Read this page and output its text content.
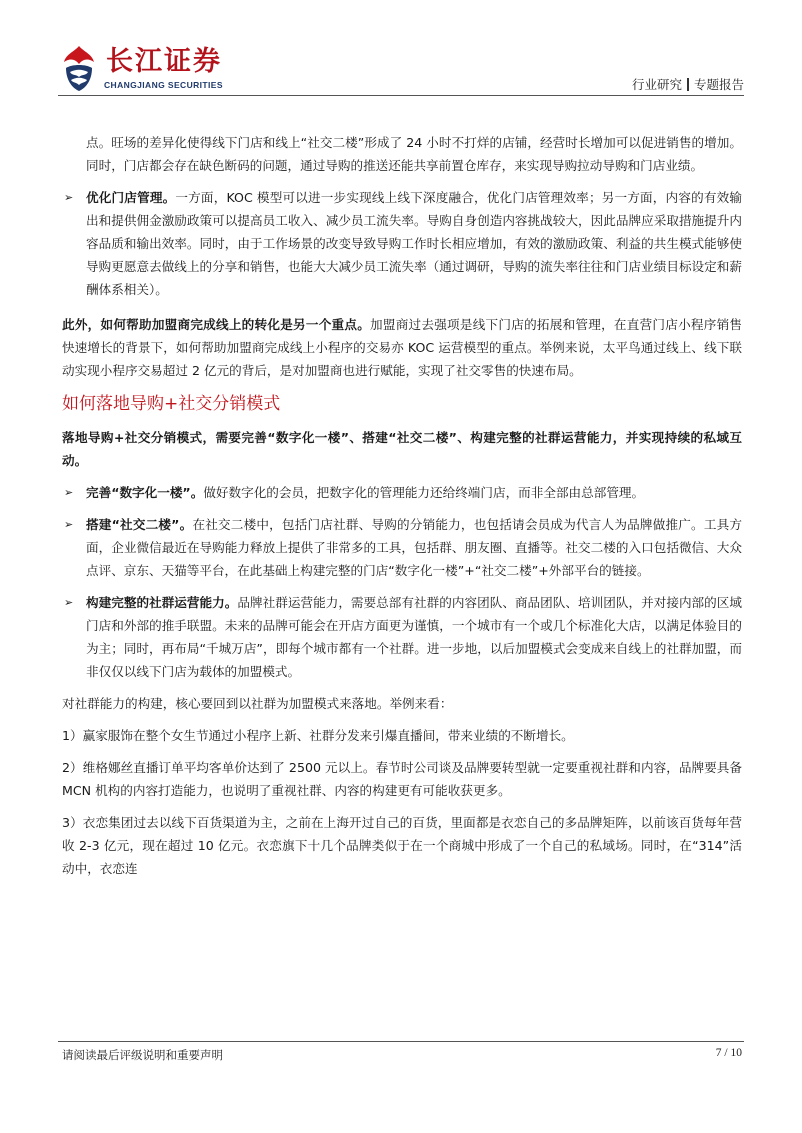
长江证券
CHANGJIANG SECURITIES	行业研究 专题报告

点。旺场的差异化使得线下门店和线上“社交二楼”形成了 24 小时不打烊的店铺，经营时长增加可以促进销售的增加。同时，门店都会存在缺色断码的问题，通过导购的推送还能共享前置仓库存，来实现导购拉动导购和门店业绩。

➢ 优化门店管理。一方面，KOC 模型可以进一步实现线上线下深度融合，优化门店管理效率；另一方面，内容的有效输出和提供佣金激励政策可以提高员工收入、减少员工流失率。导购自身创造内容挑战较大，因此品牌应采取措施提升内容品质和输出效率。同时，由于工作场景的改变导致导购工作时长相应增加，有效的激励政策、利益的共生模式能够使导购更愿意去做线上的分享和销售，也能大大减少员工流失率（通过调研，导购的流失率往往和门店业绩目标设定和薪酬体系相关）。

此外，如何帮助加盟商完成线上的转化是另一个重点。加盟商过去强项是线下门店的拓展和管理，在直营门店小程序销售快速增长的背景下，如何帮助加盟商完成线上小程序的交易亦 KOC 运营模型的重点。举例来说，太平鸟通过线上、线下联动实现小程序交易超过 2 亿元的背后，是对加盟商也进行赋能，实现了社交零售的快速布局。

如何落地导购+社交分销模式

落地导购+社交分销模式，需要完善“数字化一楼”、搭建“社交二楼”、构建完整的社群运营能力，并实现持续的私域互动。

➢ 完善“数字化一楼”。做好数字化的会员，把数字化的管理能力还给终端门店，而非全部由总部管理。

➢ 搭建“社交二楼”。在社交二楼中，包括门店社群、导购的分销能力，也包括请会员成为代言人为品牌做推广。工具方面，企业微信最近在导购能力释放上提供了非常多的工具，包括群、朋友圈、直播等。社交二楼的入口包括微信、大众点评、京东、天猫等平台，在此基础上构建完整的门店“数字化一楼”+“社交二楼”+外部平台的链接。

➢ 构建完整的社群运营能力。品牌社群运营能力，需要总部有社群的内容团队、商品团队、培训团队，并对接内部的区域门店和外部的推手联盟。未来的品牌可能会在开店方面更为谨慎，一个城市有一个或几个标准化大店，以满足体验目的为主；同时，再布局“千城万店”，即每个城市都有一个社群。进一步地，以后加盟模式会变成来自线上的社群加盟，而非仅仅以线下门店为载体的加盟模式。

对社群能力的构建，核心要回到以社群为加盟模式来落地。举例来看：

1）赢家服饰在整个女生节通过小程序上新、社群分发来引爆直播间，带来业绩的不断增长。

2）维格娜丝直播订单平均客单价达到了 2500 元以上。春节时公司谈及品牌要转型就一定要重视社群和内容，品牌要具备 MCN 机构的内容打造能力，也说明了重视社群、内容的构建更有可能收获更多。

3）衣恋集团过去以线下百货渠道为主，之前在上海开过自己的百货，里面都是衣恋自己的多品牌矩阵，以前该百货每年营收 2-3 亿元，现在超过 10 亿元。衣恋旗下十几个品牌类似于在一个商城中形成了一个自己的私域场。同时，在“314”活动中，衣恋连

请阅读最后评级说明和重要声明	7 / 10
